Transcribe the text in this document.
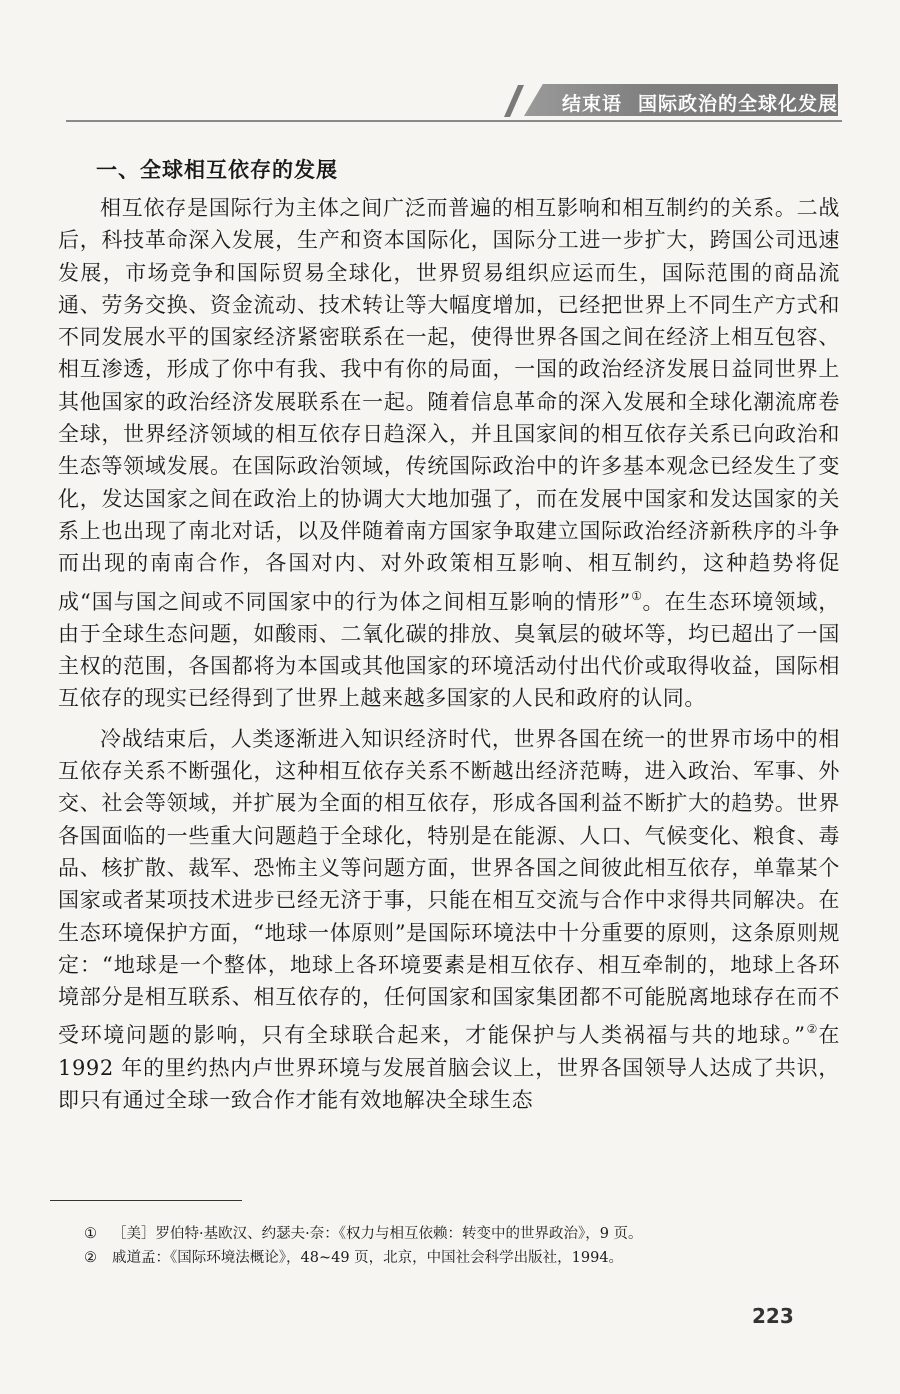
结束语 国际政治的全球化发展
一、全球相互依存的发展

相互依存是国际行为主体之间广泛而普遍的相互影响和相互制约的关系。二战后，科技革命深入发展，生产和资本国际化，国际分工进一步扩大，跨国公司迅速发展，市场竞争和国际贸易全球化，世界贸易组织应运而生，国际范围的商品流通、劳务交换、资金流动、技术转让等大幅度增加，已经把世界上不同生产方式和不同发展水平的国家经济紧密联系在一起，使得世界各国之间在经济上相互包容、相互渗透，形成了你中有我、我中有你的局面，一国的政治经济发展日益同世界上其他国家的政治经济发展联系在一起。随着信息革命的深入发展和全球化潮流席卷全球，世界经济领域的相互依存日趋深入，并且国家间的相互依存关系已向政治和生态等领域发展。在国际政治领域，传统国际政治中的许多基本观念已经发生了变化，发达国家之间在政治上的协调大大地加强了，而在发展中国家和发达国家的关系上也出现了南北对话，以及伴随着南方国家争取建立国际政治经济新秩序的斗争而出现的南南合作，各国对内、对外政策相互影响、相互制约，这种趋势将促成“国与国之间或不同国家中的行为体之间相互影响的情形”①。在生态环境领域，由于全球生态问题，如酸雨、二氧化碳的排放、臭氧层的破坏等，均已超出了一国主权的范围，各国都将为本国或其他国家的环境活动付出代价或取得收益，国际相互依存的现实已经得到了世界上越来越多国家的人民和政府的认同。

冷战结束后，人类逐渐进入知识经济时代，世界各国在统一的世界市场中的相互依存关系不断强化，这种相互依存关系不断越出经济范畴，进入政治、军事、外交、社会等领域，并扩展为全面的相互依存，形成各国利益不断扩大的趋势。世界各国面临的一些重大问题趋于全球化，特别是在能源、人口、气候变化、粮食、毒品、核扩散、裁军、恐怖主义等问题方面，世界各国之间彼此相互依存，单靠某个国家或者某项技术进步已经无济于事，只能在相互交流与合作中求得共同解决。在生态环境保护方面，“地球一体原则”是国际环境法中十分重要的原则，这条原则规定：“地球是一个整体，地球上各环境要素是相互依存、相互牵制的，地球上各环境部分是相互联系、相互依存的，任何国家和国家集团都不可能脱离地球存在而不受环境问题的影响，只有全球联合起来，才能保护与人类祸福与共的地球。”②在 1992 年的里约热内卢世界环境与发展首脑会议上，世界各国领导人达成了共识，即只有通过全球一致合作才能有效地解决全球生态

① ［美］罗伯特·基欧汉、约瑟夫·奈：《权力与相互依赖：转变中的世界政治》，9 页。
② 戚道孟：《国际环境法概论》，48~49 页，北京，中国社会科学出版社，1994。
223
